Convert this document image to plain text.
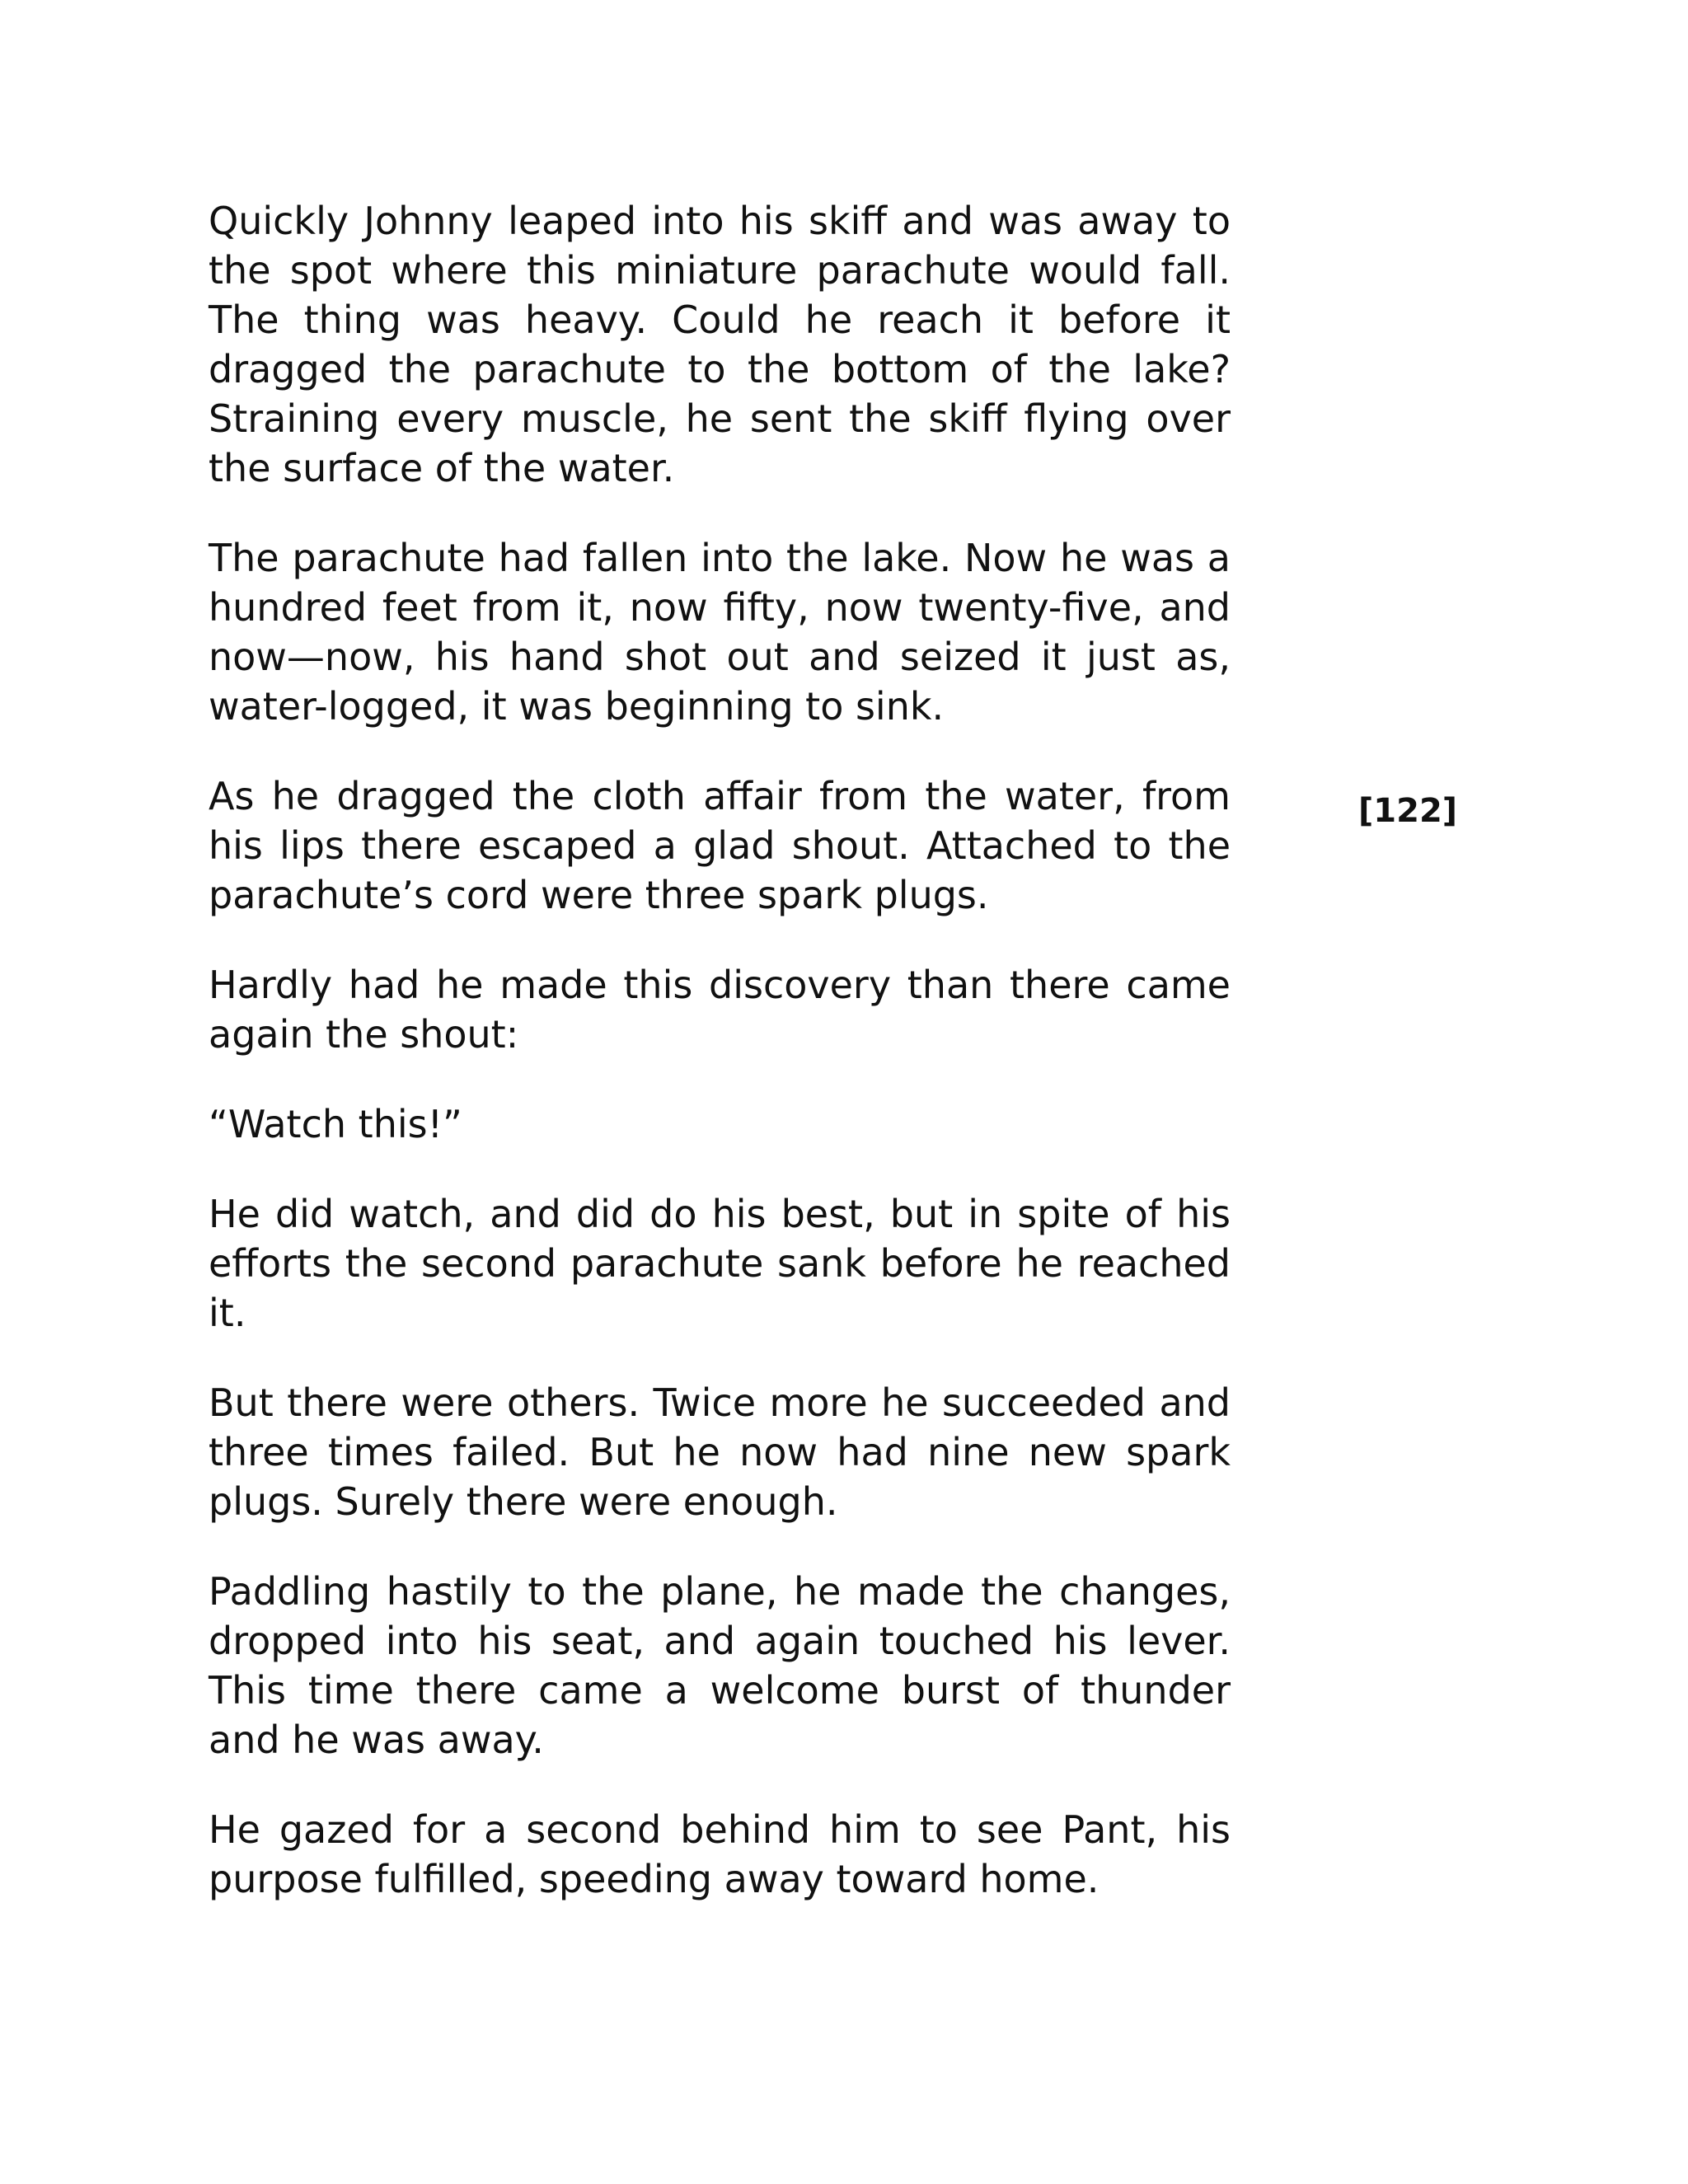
Quickly Johnny leaped into his skiff and was away to the spot where this miniature parachute would fall. The thing was heavy. Could he reach it before it dragged the parachute to the bottom of the lake? Straining every muscle, he sent the skiff flying over the surface of the water.

The parachute had fallen into the lake. Now he was a hundred feet from it, now fifty, now twenty-five, and now—now, his hand shot out and seized it just as, water-logged, it was beginning to sink.

As he dragged the cloth affair from the water, from his lips there escaped a glad shout. Attached to the parachute’s cord were three spark plugs.

Hardly had he made this discovery than there came again the shout:

“Watch this!”

He did watch, and did do his best, but in spite of his efforts the second parachute sank before he reached it.

But there were others. Twice more he succeeded and three times failed. But he now had nine new spark plugs. Surely there were enough.

Paddling hastily to the plane, he made the changes, dropped into his seat, and again touched his lever. This time there came a welcome burst of thunder and he was away.

He gazed for a second behind him to see Pant, his purpose fulfilled, speeding away toward home.

[122]
